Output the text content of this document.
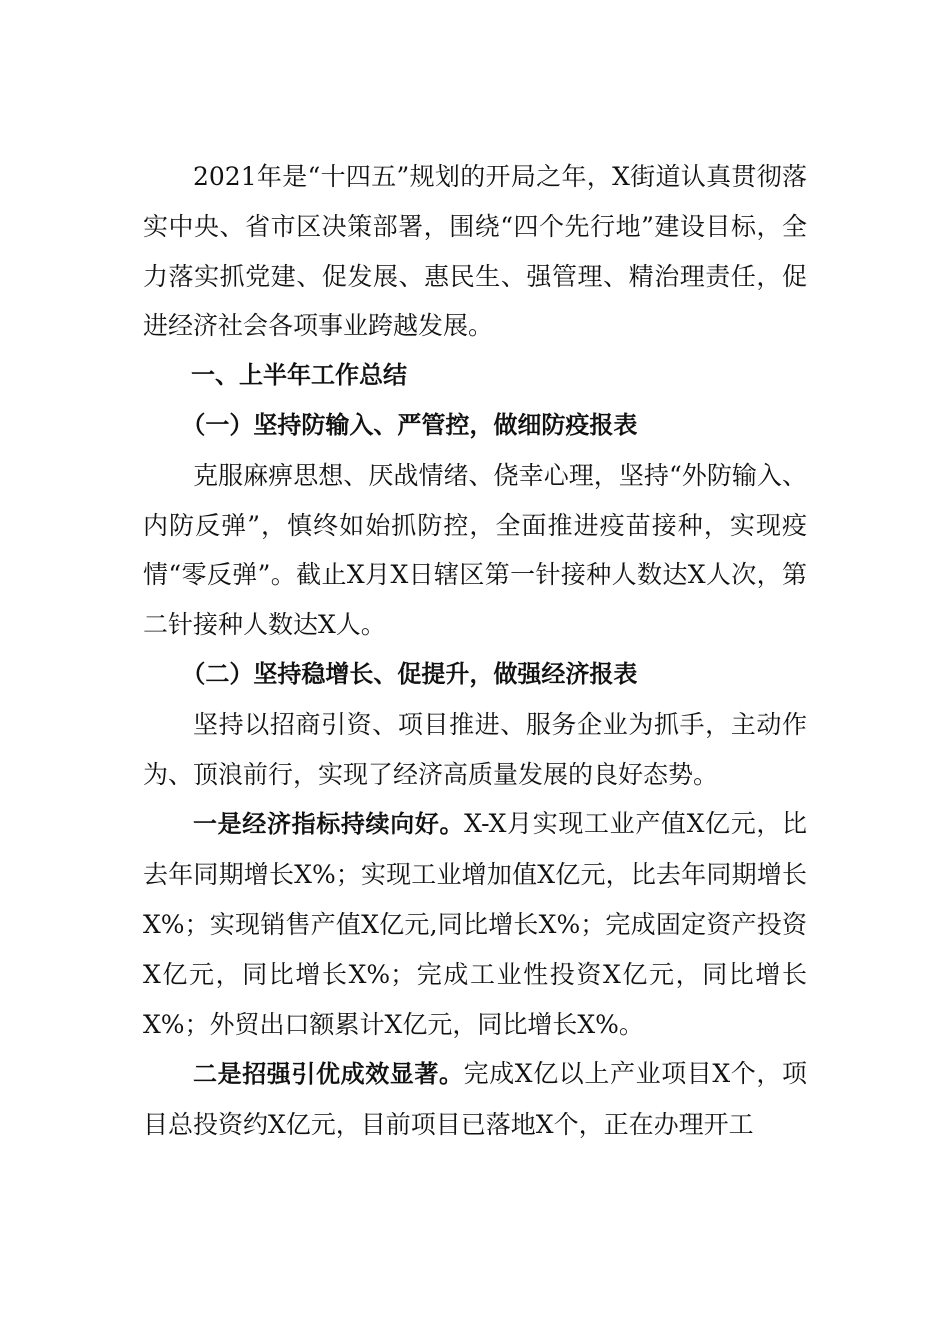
2021年是“十四五”规划的开局之年，X街道认真贯彻落实中央、省市区决策部署，围绕“四个先行地”建设目标，全力落实抓党建、促发展、惠民生、强管理、精治理责任，促进经济社会各项事业跨越发展。

一、上半年工作总结

（一）坚持防输入、严管控，做细防疫报表

克服麻痹思想、厌战情绪、侥幸心理，坚持“外防输入、内防反弹”，慎终如始抓防控，全面推进疫苗接种，实现疫情“零反弹”。截止X月X日辖区第一针接种人数达X人次，第二针接种人数达X人。

（二）坚持稳增长、促提升，做强经济报表

坚持以招商引资、项目推进、服务企业为抓手，主动作为、顶浪前行，实现了经济高质量发展的良好态势。

一是经济指标持续向好。X-X月实现工业产值X亿元，比去年同期增长X%；实现工业增加值X亿元，比去年同期增长X%；实现销售产值X亿元,同比增长X%；完成固定资产投资X亿元，同比增长X%；完成工业性投资X亿元，同比增长X%；外贸出口额累计X亿元，同比增长X%。

二是招强引优成效显著。完成X亿以上产业项目X个，项目总投资约X亿元，目前项目已落地X个，正在办理开工
